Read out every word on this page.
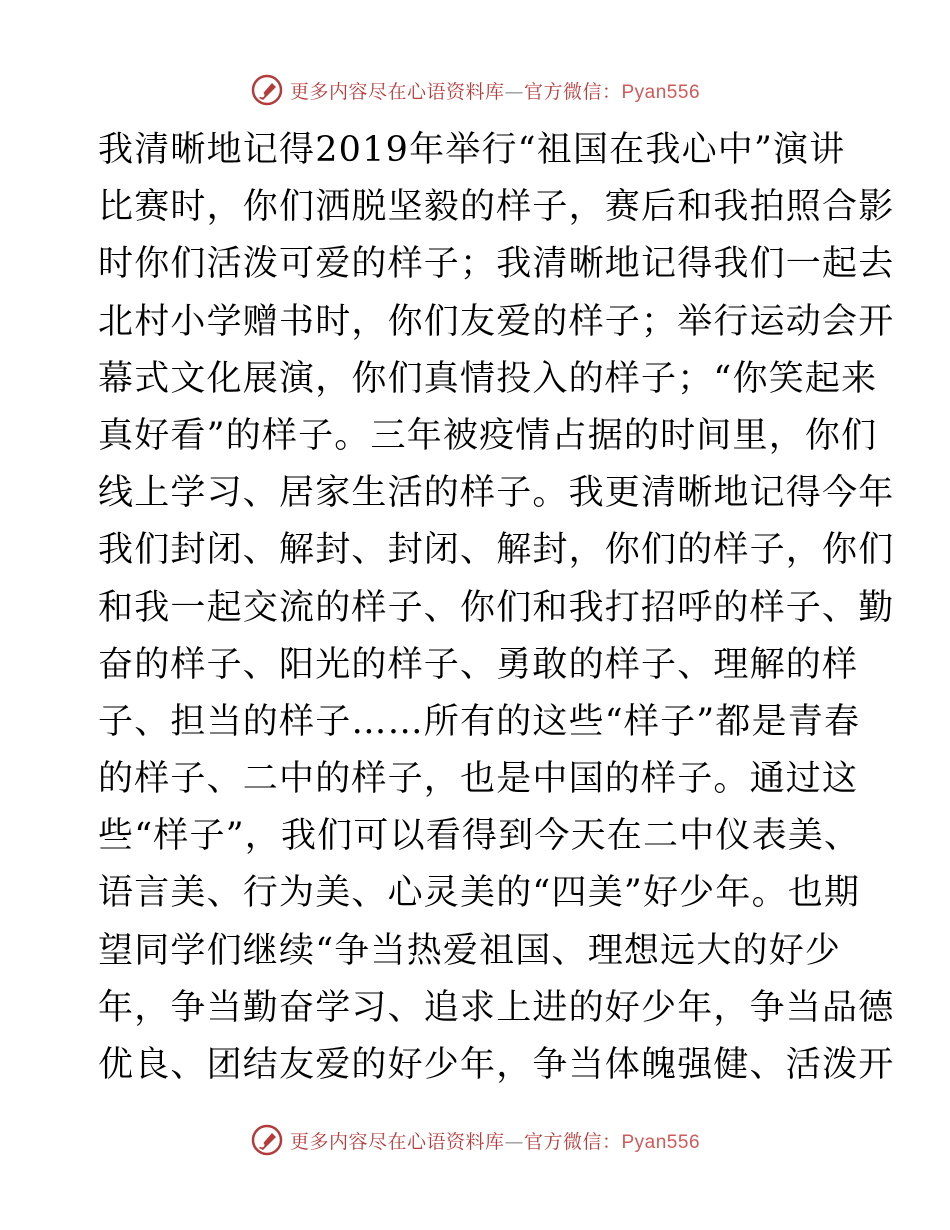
更多内容尽在心语资料库—官方微信：Pyan556
我清晰地记得2019年举行“祖国在我心中”演讲
比赛时，你们洒脱坚毅的样子，赛后和我拍照合影
时你们活泼可爱的样子；我清晰地记得我们一起去
北村小学赠书时，你们友爱的样子；举行运动会开
幕式文化展演，你们真情投入的样子；“你笑起来
真好看”的样子。三年被疫情占据的时间里，你们
线上学习、居家生活的样子。我更清晰地记得今年
我们封闭、解封、封闭、解封，你们的样子，你们
和我一起交流的样子、你们和我打招呼的样子、勤
奋的样子、阳光的样子、勇敢的样子、理解的样
子、担当的样子……所有的这些“样子”都是青春
的样子、二中的样子，也是中国的样子。通过这
些“样子”，我们可以看得到今天在二中仪表美、
语言美、行为美、心灵美的“四美”好少年。也期
望同学们继续“争当热爱祖国、理想远大的好少
年，争当勤奋学习、追求上进的好少年，争当品德
优良、团结友爱的好少年，争当体魄强健、活泼开
更多内容尽在心语资料库—官方微信：Pyan556
